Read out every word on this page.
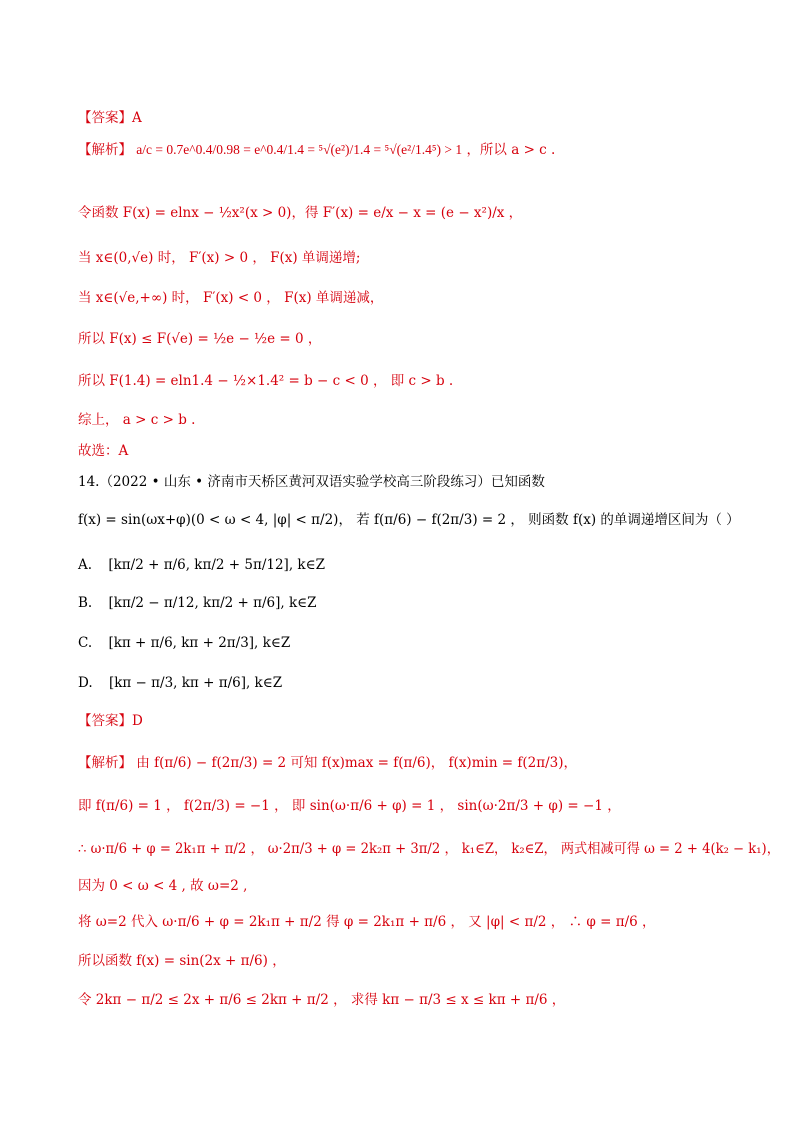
【答案】A
【解析】 a/c = 0.7e^0.4/0.98 = e^0.4/1.4 = ⁵√(e²)/1.4 = ⁵√(e²/1.4⁵) > 1 ，所以 a > c .
令函数 F(x) = elnx − ½x²(x > 0)，得 F′(x) = e/x − x = (e − x²)/x ，
当 x∈(0,√e) 时， F′(x) > 0 ， F(x) 单调递增;
当 x∈(√e,+∞) 时， F′(x) < 0 ， F(x) 单调递减，
所以 F(x) ≤ F(√e) = ½e − ½e = 0 ，
所以 F(1.4) = eln1.4 − ½×1.4² = b − c < 0 ， 即 c > b .
综上， a > c > b .
故选：A
14.（2022 • 山东 • 济南市天桥区黄河双语实验学校高三阶段练习）已知函数
f(x) = sin(ωx+φ)(0 < ω < 4, |φ| < π/2)， 若 f(π/6) − f(2π/3) = 2 ， 则函数 f(x) 的单调递增区间为（ ）
A. [kπ/2 + π/6, kπ/2 + 5π/12], k∈Z
B. [kπ/2 − π/12, kπ/2 + π/6], k∈Z
C. [kπ + π/6, kπ + 2π/3], k∈Z
D. [kπ − π/3, kπ + π/6], k∈Z
【答案】D
【解析】 由 f(π/6) − f(2π/3) = 2 可知 f(x)max = f(π/6)， f(x)min = f(2π/3)，
即 f(π/6) = 1 ， f(2π/3) = −1 ， 即 sin(ω·π/6 + φ) = 1 ， sin(ω·2π/3 + φ) = −1 ，
∴ ω·π/6 + φ = 2k₁π + π/2 ， ω·2π/3 + φ = 2k₂π + 3π/2 ， k₁∈Z， k₂∈Z， 两式相减可得 ω = 2 + 4(k₂ − k₁)，
因为 0 < ω < 4 , 故 ω=2 ,
将 ω=2 代入 ω·π/6 + φ = 2k₁π + π/2 得 φ = 2k₁π + π/6 ， 又 |φ| < π/2 ， ∴ φ = π/6 ，
所以函数 f(x) = sin(2x + π/6) ，
令 2kπ − π/2 ≤ 2x + π/6 ≤ 2kπ + π/2 ， 求得 kπ − π/3 ≤ x ≤ kπ + π/6 ，
